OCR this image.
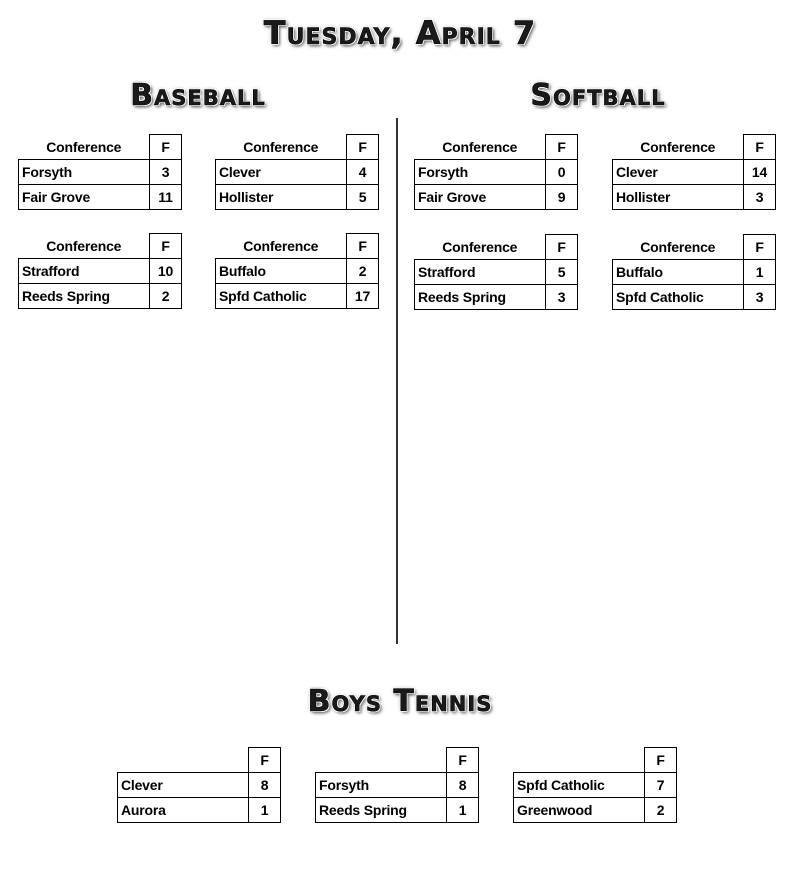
Tuesday, April 7
Baseball	Softball
Conference	F
Forsyth	3
Fair Grove	11
Conference	F
Clever	4
Hollister	5
Conference	F
Strafford	10
Reeds Spring	2
Conference	F
Buffalo	2
Spfd Catholic	17
Conference	F
Forsyth	0
Fair Grove	9
Conference	F
Clever	14
Hollister	3
Conference	F
Strafford	5
Reeds Spring	3
Conference	F
Buffalo	1
Spfd Catholic	3
Boys Tennis
	F
Clever	8
Aurora	1
	F
Forsyth	8
Reeds Spring	1
	F
Spfd Catholic	7
Greenwood	2
